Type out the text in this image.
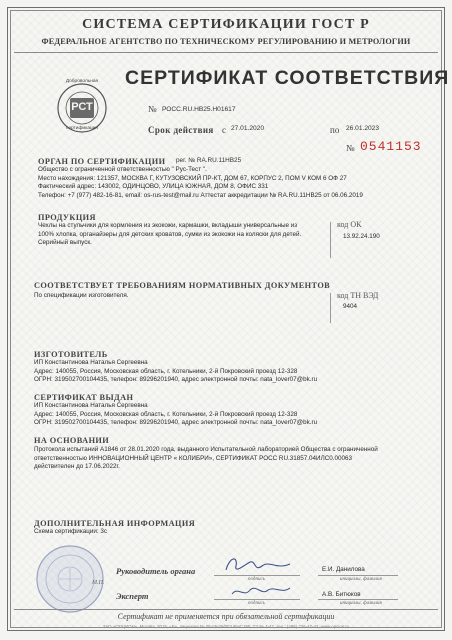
СИСТЕМА СЕРТИФИКАЦИИ ГОСТ Р
ФЕДЕРАЛЬНОЕ АГЕНТСТВО ПО ТЕХНИЧЕСКОМУ РЕГУЛИРОВАНИЮ И МЕТРОЛОГИИ
СЕРТИФИКАТ СООТВЕТСТВИЯ
Добровольная
РСТ
сертификация
№ РОСС.RU.НВ25.Н01617
Срок действия с 27.01.2020	по 26.01.2023
№ 0541153
ОРГАН ПО СЕРТИФИКАЦИИ рег. № RA.RU.11НВ25
Общество с ограниченной ответственностью " Рус-Тест ".
Место нахождения: 121357, МОСКВА Г, КУТУЗОВСКИЙ ПР-КТ, ДОМ 67, КОРПУС 2, ПОМ V КОМ 6 ОФ 27
Фактический адрес: 143002, ОДИНЦОВО, УЛИЦА ЮЖНАЯ, ДОМ 8, ОФИС 331
Телефон: +7 (977) 482-16-81, email: os-rus-test@mail.ru Аттестат аккредитации № RA.RU.11НВ25 от 06.06.2019
ПРОДУКЦИЯ
Чехлы на стульчики для кормления из экокожи, кармашки, вкладыши универсальные из
100% хлопка, органайзеры для детских кроватов, сумки из экокожи на коляски для детей.
Серийный выпуск.
код ОК
13.92.24.190
СООТВЕТСТВУЕТ ТРЕБОВАНИЯМ НОРМАТИВНЫХ ДОКУМЕНТОВ
По спецификации изготовителя.	код ТН ВЭД
9404
ИЗГОТОВИТЕЛЬ
ИП Константинова Наталья Сергеевна
Адрес: 140055, Россия, Московская область, г. Котельники, 2-й Покровский проезд 12-328
ОГРН: 319502700104435, телефон: 89296201940, адрес электронной почты: nata_lover07@bk.ru
СЕРТИФИКАТ ВЫДАН
ИП Константинова Наталья Сергеевна
Адрес: 140055, Россия, Московская область, г. Котельники, 2-й Покровский проезд 12-328
ОГРН: 319502700104435, телефон: 89296201940, адрес электронной почты: nata_lover07@bk.ru
НА ОСНОВАНИИ
Протокола испытаний А1846 от 28.01.2020 года, выданного Испытательной лабораторией Общества с ограниченной
ответственностью ИННОВАЦИОННЫЙ ЦЕНТР « КОЛИБРИ», СЕРТИФИКАТ РОСС RU.31857.04ИЛС0.00063
действителен до 17.06.2022г.
ДОПОЛНИТЕЛЬНАЯ ИНФОРМАЦИЯ
Схема сертификации: 3с
М.П.
Руководитель органа
подпись
Е.И. Данилова
инициалы, фамилия
Эксперт
подпись
А.В. Битюков
инициалы, фамилия
Сертификат не применяется при обязательной сертификации
ЗАО «ОПЦИОН», Москва, 2015, «Б», лицензия № 05-05-09/003 ФНС РФ, ТЗ № 4-47, тел.: (495) 726-47-42, www.opcion.ru
